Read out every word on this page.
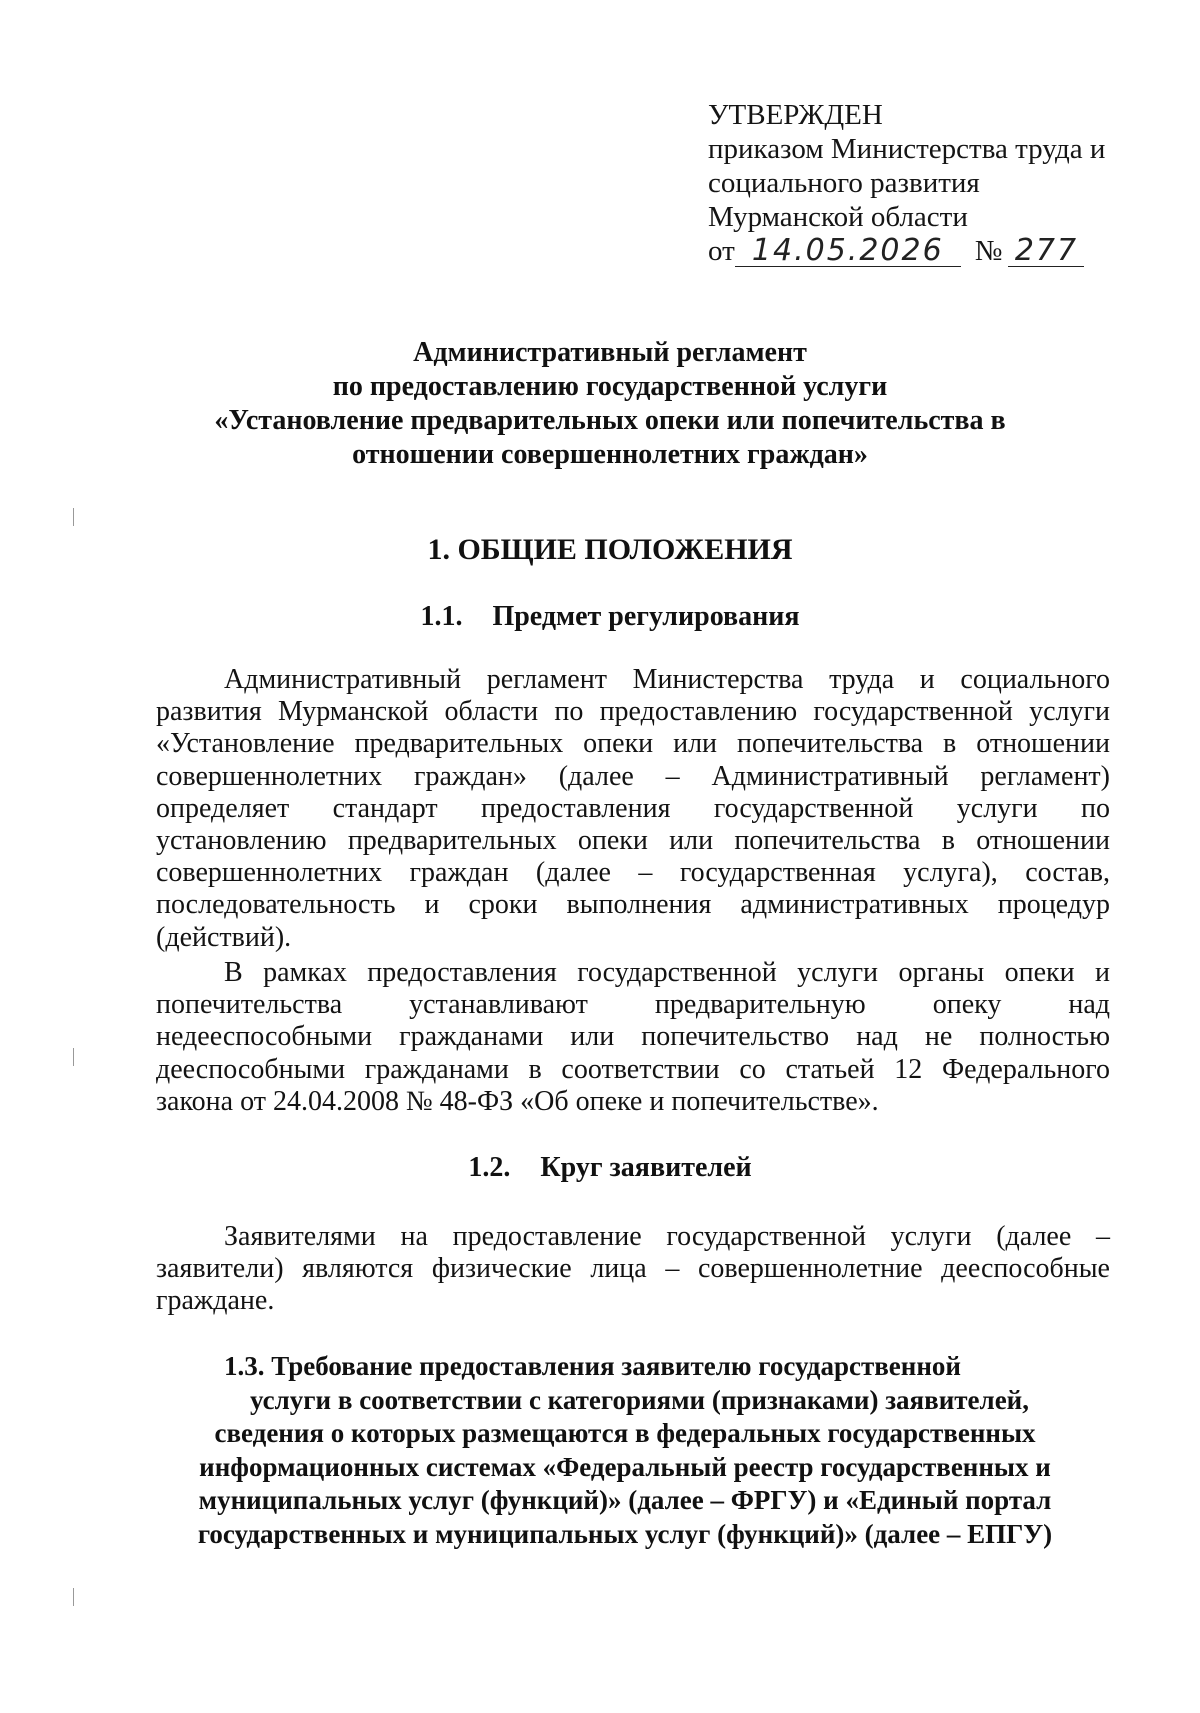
УТВЕРЖДЕН
приказом Министерства труда и
социального развития
Мурманской области
от 14.05.2026 № 277
Административный регламент
по предоставлению государственной услуги
«Установление предварительных опеки или попечительства в
отношении совершеннолетних граждан»
1. ОБЩИЕ ПОЛОЖЕНИЯ
1.1. Предмет регулирования
Административный регламент Министерства труда и социального
развития Мурманской области по предоставлению государственной услуги
«Установление предварительных опеки или попечительства в отношении
совершеннолетних граждан» (далее – Административный регламент)
определяет стандарт предоставления государственной услуги по
установлению предварительных опеки или попечительства в отношении
совершеннолетних граждан (далее – государственная услуга), состав,
последовательность и сроки выполнения административных процедур
(действий).
В рамках предоставления государственной услуги органы опеки и
попечительства устанавливают предварительную опеку над
недееспособными гражданами или попечительство над не полностью
дееспособными гражданами в соответствии со статьей 12 Федерального
закона от 24.04.2008 № 48-ФЗ «Об опеке и попечительстве».
1.2. Круг заявителей
Заявителями на предоставление государственной услуги (далее –
заявители) являются физические лица – совершеннолетние дееспособные
граждане.
1.3. Требование предоставления заявителю государственной
услуги в соответствии с категориями (признаками) заявителей,
сведения о которых размещаются в федеральных государственных
информационных системах «Федеральный реестр государственных и
муниципальных услуг (функций)» (далее – ФРГУ) и «Единый портал
государственных и муниципальных услуг (функций)» (далее – ЕПГУ)
